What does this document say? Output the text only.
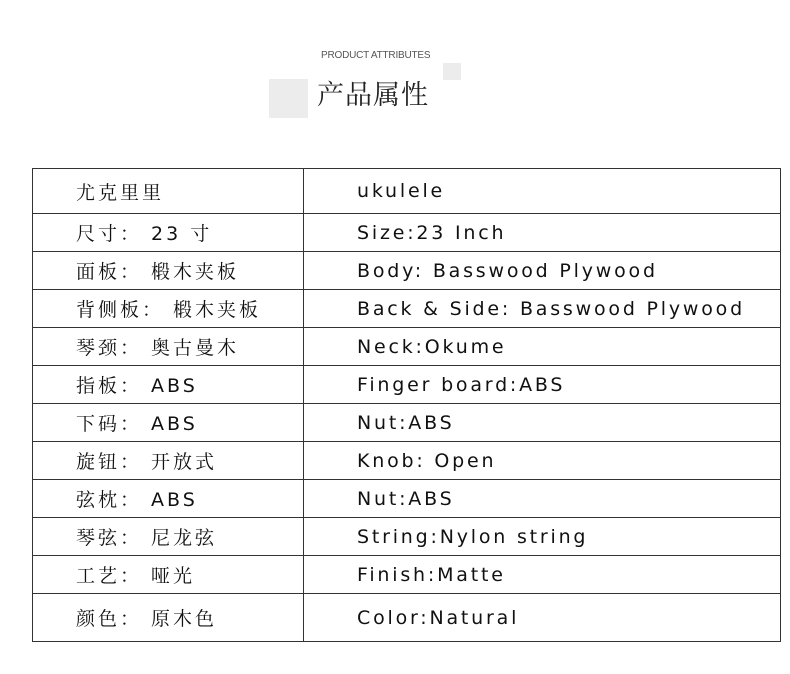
PRODUCT ATTRIBUTES
产品属性
尤克里里	ukulele
尺寸： 23 寸	Size:23 Inch
面板： 椴木夹板	Body: Basswood Plywood
背侧板： 椴木夹板	Back & Side: Basswood Plywood
琴颈： 奥古曼木	Neck:Okume
指板： ABS	Finger board:ABS
下码： ABS	Nut:ABS
旋钮： 开放式	Knob: Open
弦枕： ABS	Nut:ABS
琴弦： 尼龙弦	String:Nylon string
工艺： 哑光	Finish:Matte
颜色： 原木色	Color:Natural
